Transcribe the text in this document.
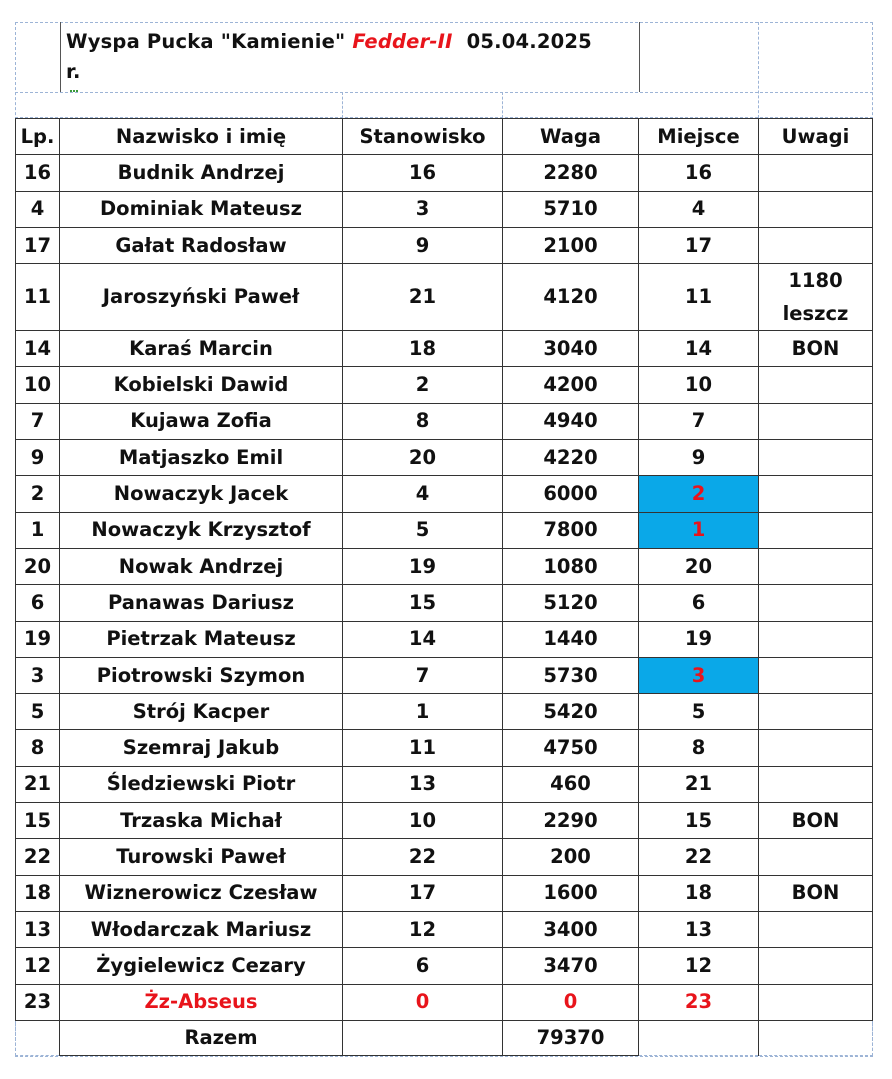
Wyspa Pucka "Kamienie" Fedder-II  05.04.2025
r.
Lp.	Nazwisko i imię	Stanowisko	Waga	Miejsce	Uwagi
16	Budnik Andrzej	16	2280	16	
4	Dominiak Mateusz	3	5710	4	
17	Gałat Radosław	9	2100	17	
11	Jaroszyński Paweł	21	4120	11	1180 leszcz
14	Karaś Marcin	18	3040	14	BON
10	Kobielski Dawid	2	4200	10	
7	Kujawa Zofia	8	4940	7	
9	Matjaszko Emil	20	4220	9	
2	Nowaczyk Jacek	4	6000	2	
1	Nowaczyk Krzysztof	5	7800	1	
20	Nowak Andrzej	19	1080	20	
6	Panawas Dariusz	15	5120	6	
19	Pietrzak Mateusz	14	1440	19	
3	Piotrowski Szymon	7	5730	3	
5	Strój Kacper	1	5420	5	
8	Szemraj Jakub	11	4750	8	
21	Śledziewski Piotr	13	460	21	
15	Trzaska Michał	10	2290	15	BON
22	Turowski Paweł	22	200	22	
18	Wiznerowicz Czesław	17	1600	18	BON
13	Włodarczak Mariusz	12	3400	13	
12	Żygielewicz Cezary	6	3470	12	
23	Żz-Abseus	0	0	23	
	Razem		79370		
